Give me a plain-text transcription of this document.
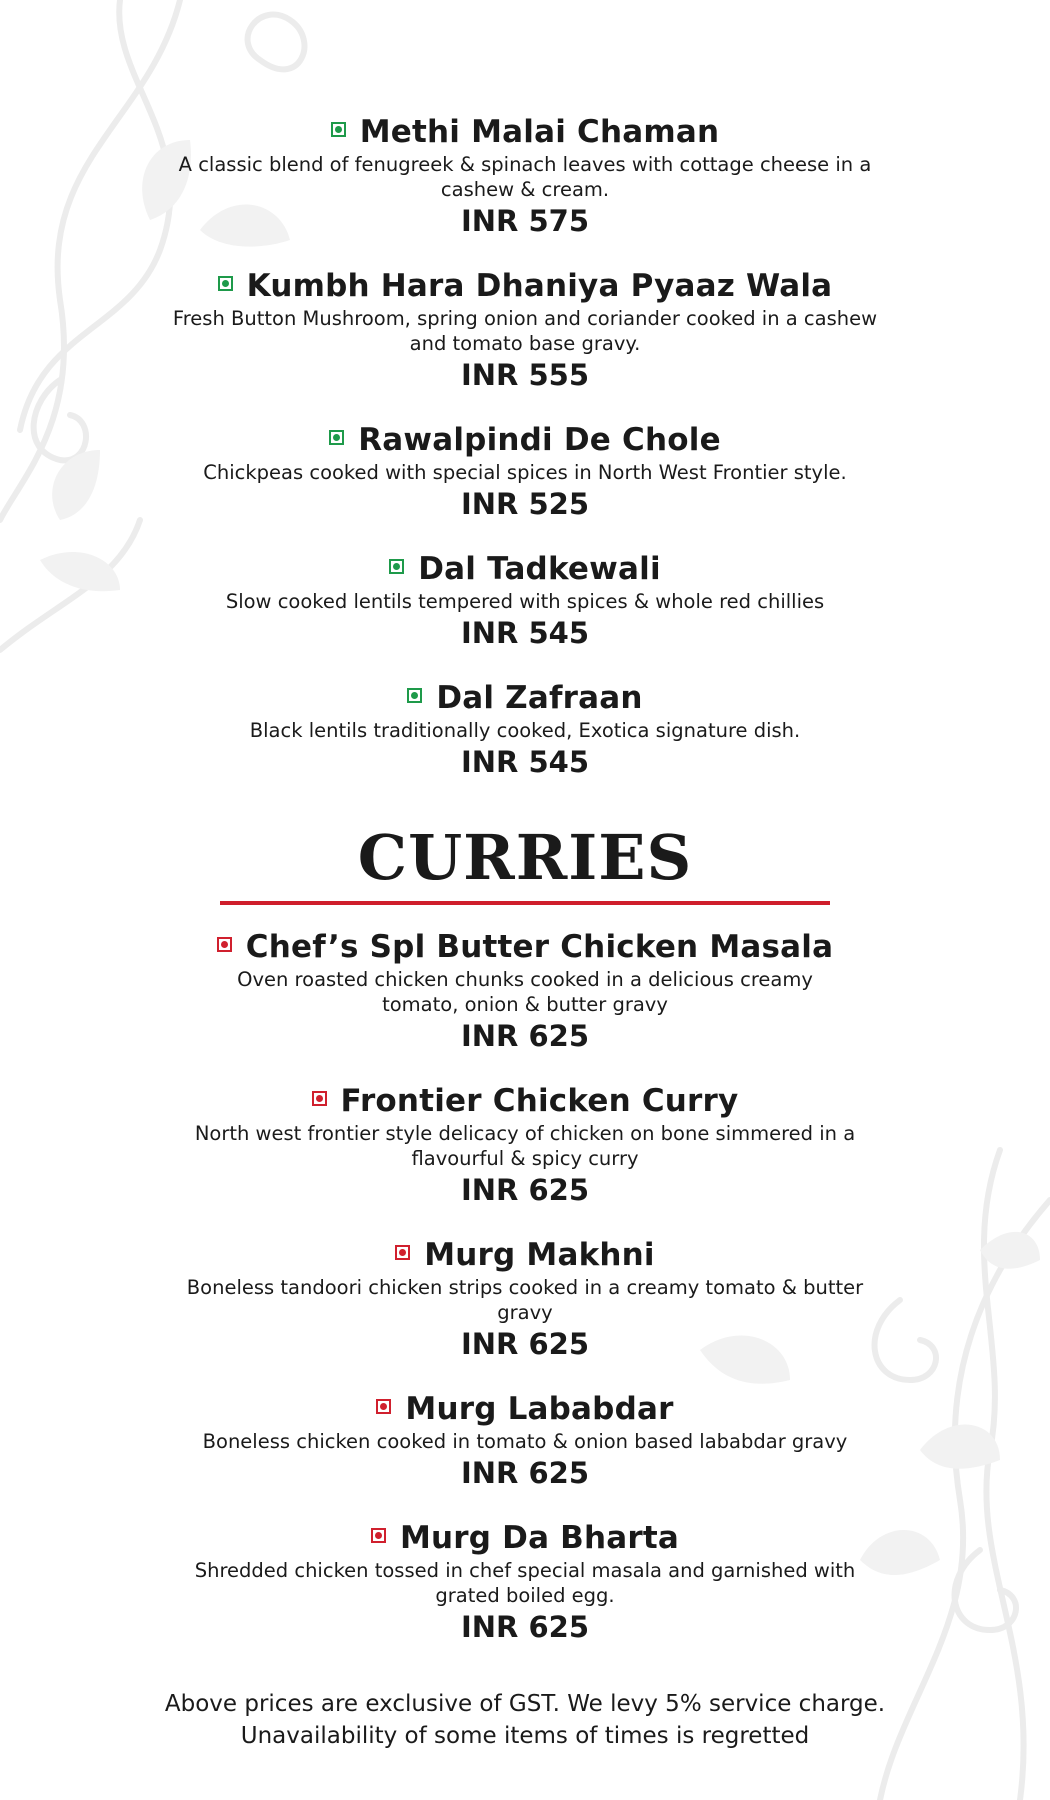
Methi Malai Chaman
A classic blend of fenugreek & spinach leaves with cottage cheese in a
cashew & cream.
INR 575
Kumbh Hara Dhaniya Pyaaz Wala
Fresh Button Mushroom, spring onion and coriander cooked in a cashew
and tomato base gravy.
INR 555
Rawalpindi De Chole
Chickpeas cooked with special spices in North West Frontier style.
INR 525
Dal Tadkewali
Slow cooked lentils tempered with spices & whole red chillies
INR 545
Dal Zafraan
Black lentils traditionally cooked, Exotica signature dish.
INR 545
CURRIES
Chef’s Spl Butter Chicken Masala
Oven roasted chicken chunks cooked in a delicious creamy
tomato, onion & butter gravy
INR 625
Frontier Chicken Curry
North west frontier style delicacy of chicken on bone simmered in a
flavourful & spicy curry
INR 625
Murg Makhni
Boneless tandoori chicken strips cooked in a creamy tomato & butter
gravy
INR 625
Murg Lababdar
Boneless chicken cooked in tomato & onion based lababdar gravy
INR 625
Murg Da Bharta
Shredded chicken tossed in chef special masala and garnished with
grated boiled egg.
INR 625
Above prices are exclusive of GST. We levy 5% service charge.
Unavailability of some items of times is regretted
